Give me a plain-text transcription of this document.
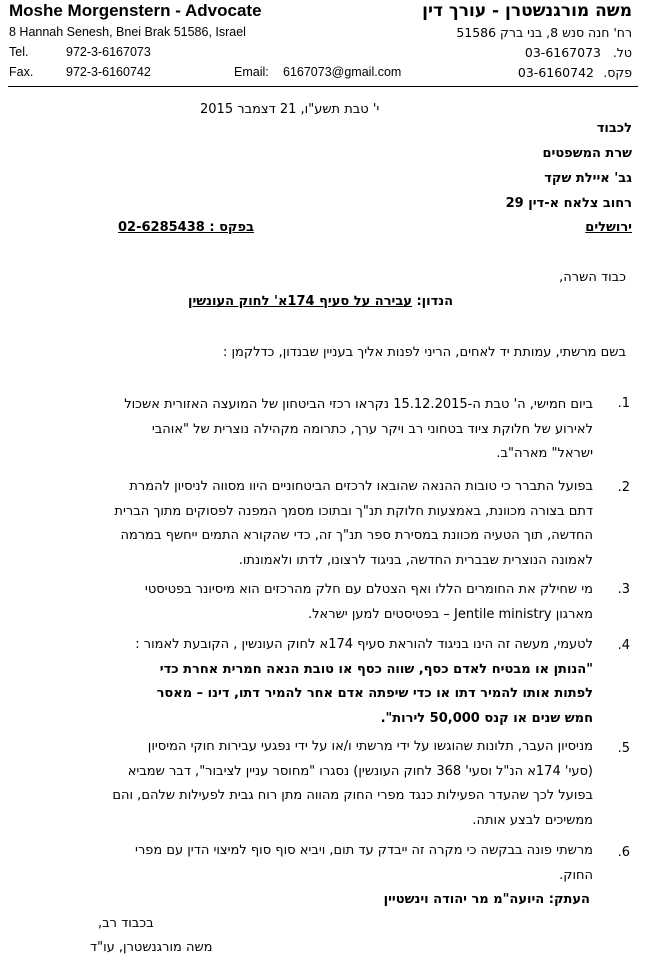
Moshe Morgenstern - Advocate	משה מורגנשטרן - עורך דין
8 Hannah Senesh, Bnei Brak 51586, Israel	רח' חנה סנש 8, בני ברק 51586
Tel.	972-3-6167073	03-6167073 טל.
Fax.	972-3-6160742	Email: 6167073@gmail.com	03-6160742 פקס.
י' טבת תשע"ו, 21 דצמבר 2015
לכבוד
שרת המשפטים
גב' איילת שקד
רחוב צלאח א-דין 29
ירושלים
בפקס : 02-6285438
כבוד השרה,
הנדון: עבירה על סעיף 174א' לחוק העונשין
בשם מרשתי, עמותת יד לאחים, הריני לפנות אליך בעניין שבנדון, כדלקמן :
1.
ביום חמישי, ה' טבת ה-15.12.2015 נקראו רכזי הביטחון של המועצה האזורית אשכול
לאירוע של חלוקת ציוד בטחוני רב ויקר ערך, כתרומה מקהילה נוצרית של "אוהבי
ישראל" מארה"ב.
2.
בפועל התברר כי טובות ההנאה שהובאו לרכזים הביטחוניים היוו מסווה לניסיון להמרת
דתם בצורה מכוונת, באמצעות חלוקת תנ"ך ובתוכו מסמך המפנה לפסוקים מתוך הברית
החדשה, תוך הטעיה מכוונת במסירת ספר תנ"ך זה, כדי שהקורא התמים ייחשף במרמה
לאמונה הנוצרית שבברית החדשה, בניגוד לרצונו, לדתו ולאמונתו.
3.
מי שחילק את החומרים הללו ואף הצטלם עם חלק מהרכזים הוא מיסיונר בפטיסטי
מארגון Jentile ministry – בפטיסטים למען ישראל.
4.
לטעמי, מעשה זה הינו בניגוד להוראת סעיף 174א לחוק העונשין , הקובעת לאמור :
"הנותן או מבטיח לאדם כסף, שווה כסף או טובת הנאה חמרית אחרת כדי
לפתות אותו להמיר דתו או כדי שיפתה אדם אחר להמיר דתו, דינו – מאסר
חמש שנים או קנס 50,000 לירות".
5.
מניסיון העבר, תלונות שהוגשו על ידי מרשתי ו/או על ידי נפגעי עבירות חוקי המיסיון
(סעי' 174א הנ"ל וסעי' 368 לחוק העונשין) נסגרו "מחוסר עניין לציבור", דבר שמביא
בפועל לכך שהעדר הפעילות כנגד מפרי החוק מהווה מתן רוח גבית לפעילות שלהם, והם
ממשיכים לבצע אותה.
6.
מרשתי פונה בבקשה כי מקרה זה ייבדק עד תום, ויביא סוף סוף למיצוי הדין עם מפרי
החוק.
העתק: היועה"מ מר יהודה וינשטיין
בכבוד רב,
משה מורגנשטרן, עו"ד
